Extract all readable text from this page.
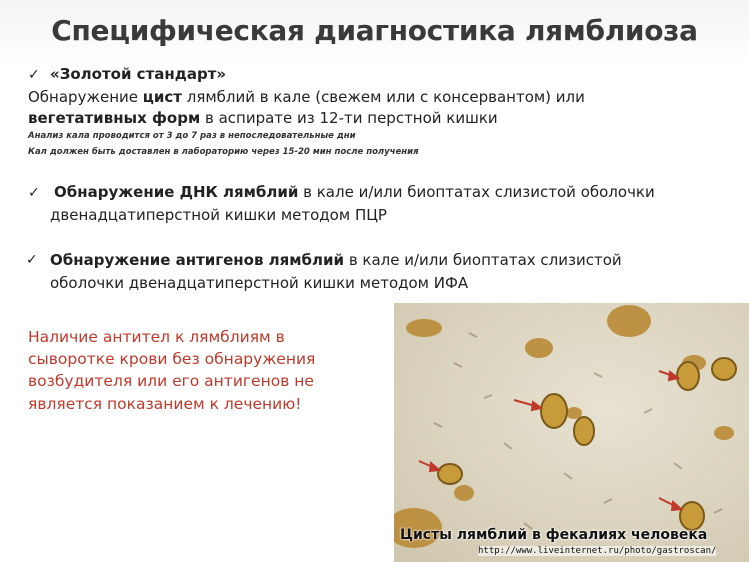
Специфическая диагностика лямблиоза
✓ «Золотой стандарт»
Обнаружение цист лямблий в кале (свежем или с консервантом) или
вегетативных форм в аспирате из 12-ти перстной кишки
Анализ кала проводится от 3 до 7 раз в непоследовательные дни
Кал должен быть доставлен в лабораторию через 15-20 мин после получения
✓ Обнаружение ДНК лямблий в кале и/или биоптатах слизистой оболочки
двенадцатиперстной кишки методом ПЦР
✓ Обнаружение антигенов лямблий в кале и/или биоптатах слизистой
оболочки двенадцатиперстной кишки методом ИФА
Наличие антител к лямблиям в
сыворотке крови без обнаружения
возбудителя или его антигенов не
является показанием к лечению!
Цисты лямблий в фекалиях человека
http://www.liveinternet.ru/photo/gastroscan/
